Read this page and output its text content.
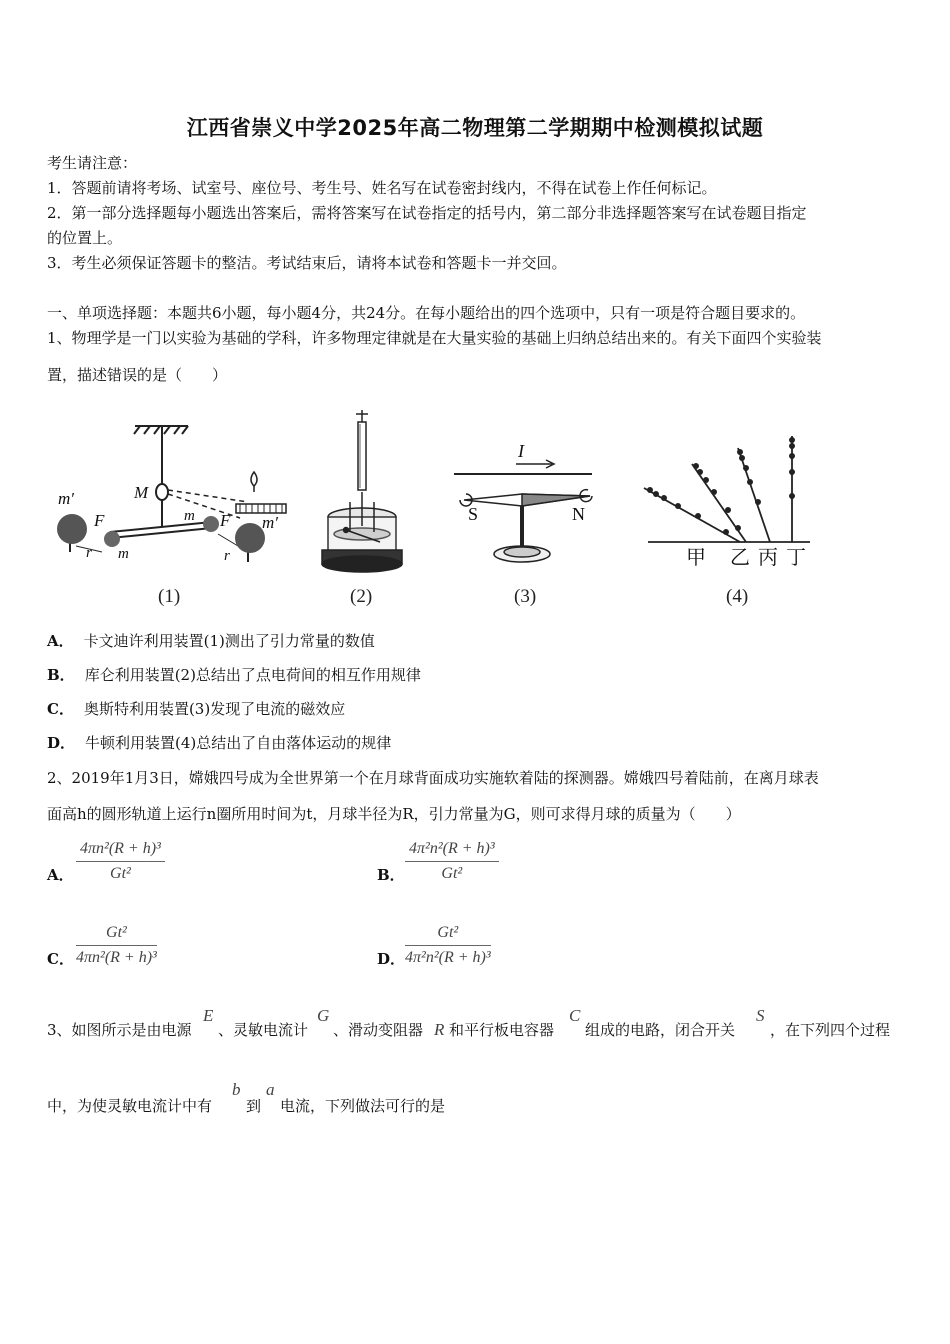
江西省崇义中学2025年高二物理第二学期期中检测模拟试题
考生请注意：
1．答题前请将考场、试室号、座位号、考生号、姓名写在试卷密封线内，不得在试卷上作任何标记。
2．第一部分选择题每小题选出答案后，需将答案写在试卷指定的括号内，第二部分非选择题答案写在试卷题目指定
的位置上。
3．考生必须保证答题卡的整洁。考试结束后，请将本试卷和答题卡一并交回。
一、单项选择题：本题共6小题，每小题4分，共24分。在每小题给出的四个选项中，只有一项是符合题目要求的。
1、物理学是一门以实验为基础的学科，许多物理定律就是在大量实验的基础上归纳总结出来的。有关下面四个实验装
置，描述错误的是（　　）
m′
F
r m
M
m F m′
r
I
S	N
甲 乙 丙 丁
(1)	(2)	(3)	(4)
A． 卡文迪许利用装置(1)测出了引力常量的数值
B． 库仑利用装置(2)总结出了点电荷间的相互作用规律
C． 奥斯特利用装置(3)发现了电流的磁效应
D． 牛顿利用装置(4)总结出了自由落体运动的规律
2、2019年1月3日，嫦娥四号成为全世界第一个在月球背面成功实施软着陆的探测器。嫦娥四号着陆前，在离月球表
面高h的圆形轨道上运行n圈所用时间为t，月球半径为R，引力常量为G，则可求得月球的质量为（　　）
A． $\frac{\text{4πn²(R + h)³}}{\text{Gt²}}$	B． $\frac{\text{4π²n²(R + h)³}}{\text{Gt²}}$
C． $\frac{\text{Gt²}}{\text{4πn²(R + h)³}}$	D． $\frac{\text{Gt²}}{\text{4π²n²(R + h)³}}$
3、如图所示是由电源
E
、灵敏电流计
G
、滑动变阻器 R 和平行板电容器
C
组成的电路，闭合开关
S
，在下列四个过程
中，为使灵敏电流计中有
b
到
a
电流，下列做法可行的是
